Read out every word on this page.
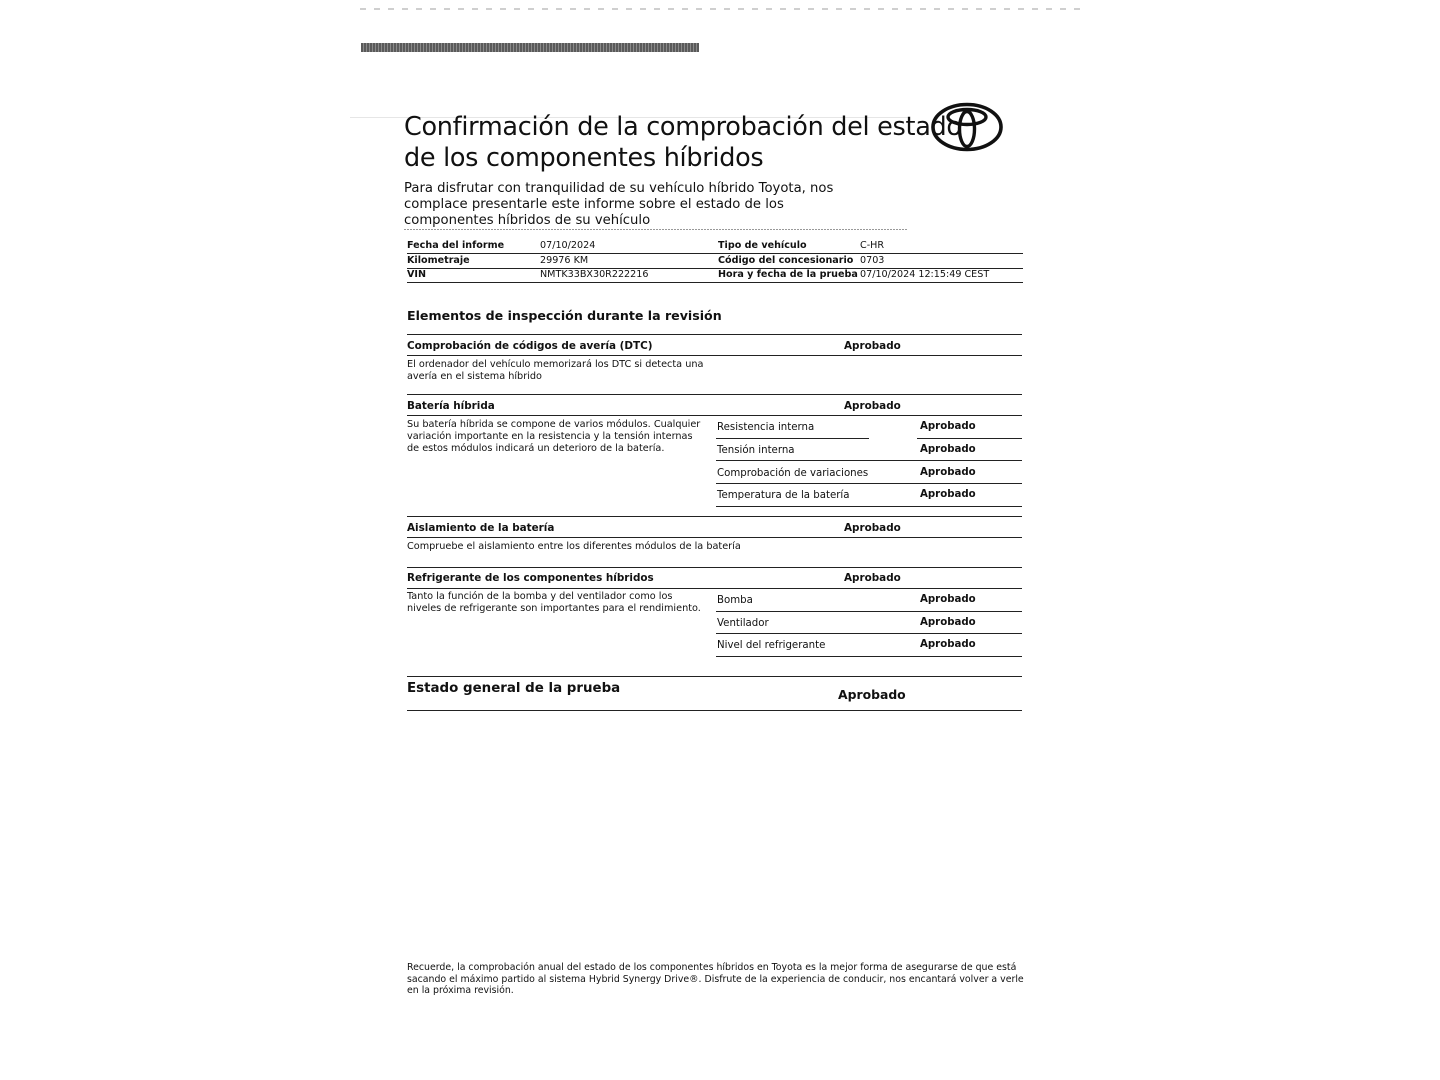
Confirmación de la comprobación del estado de los componentes híbridos

Para disfrutar con tranquilidad de su vehículo híbrido Toyota, nos complace presentarle este informe sobre el estado de los componentes híbridos de su vehículo

Fecha del informe	07/10/2024	Tipo de vehículo	C-HR
Kilometraje	29976 KM	Código del concesionario 0703
VIN	NMTK33BX30R222216	Hora y fecha de la prueba 07/10/2024 12:15:49 CEST
Elementos de inspección durante la revisión
Comprobación de códigos de avería (DTC)	Aprobado
El ordenador del vehículo memorizará los DTC si detecta una avería en el sistema híbrido
Batería híbrida	Aprobado
Su batería híbrida se compone de varios módulos. Cualquier variación importante en la resistencia y la tensión internas de estos módulos indicará un deterioro de la batería.
Resistencia interna	Aprobado
Tensión interna	Aprobado
Comprobación de variaciones	Aprobado
Temperatura de la batería	Aprobado
Aislamiento de la batería	Aprobado
Compruebe el aislamiento entre los diferentes módulos de la batería
Refrigerante de los componentes híbridos	Aprobado
Tanto la función de la bomba y del ventilador como los niveles de refrigerante son importantes para el rendimiento.
Bomba	Aprobado
Ventilador	Aprobado
Nivel del refrigerante	Aprobado
Estado general de la prueba	Aprobado

Recuerde, la comprobación anual del estado de los componentes híbridos en Toyota es la mejor forma de asegurarse de que está sacando el máximo partido al sistema Hybrid Synergy Drive®. Disfrute de la experiencia de conducir, nos encantará volver a verle en la próxima revisión.
